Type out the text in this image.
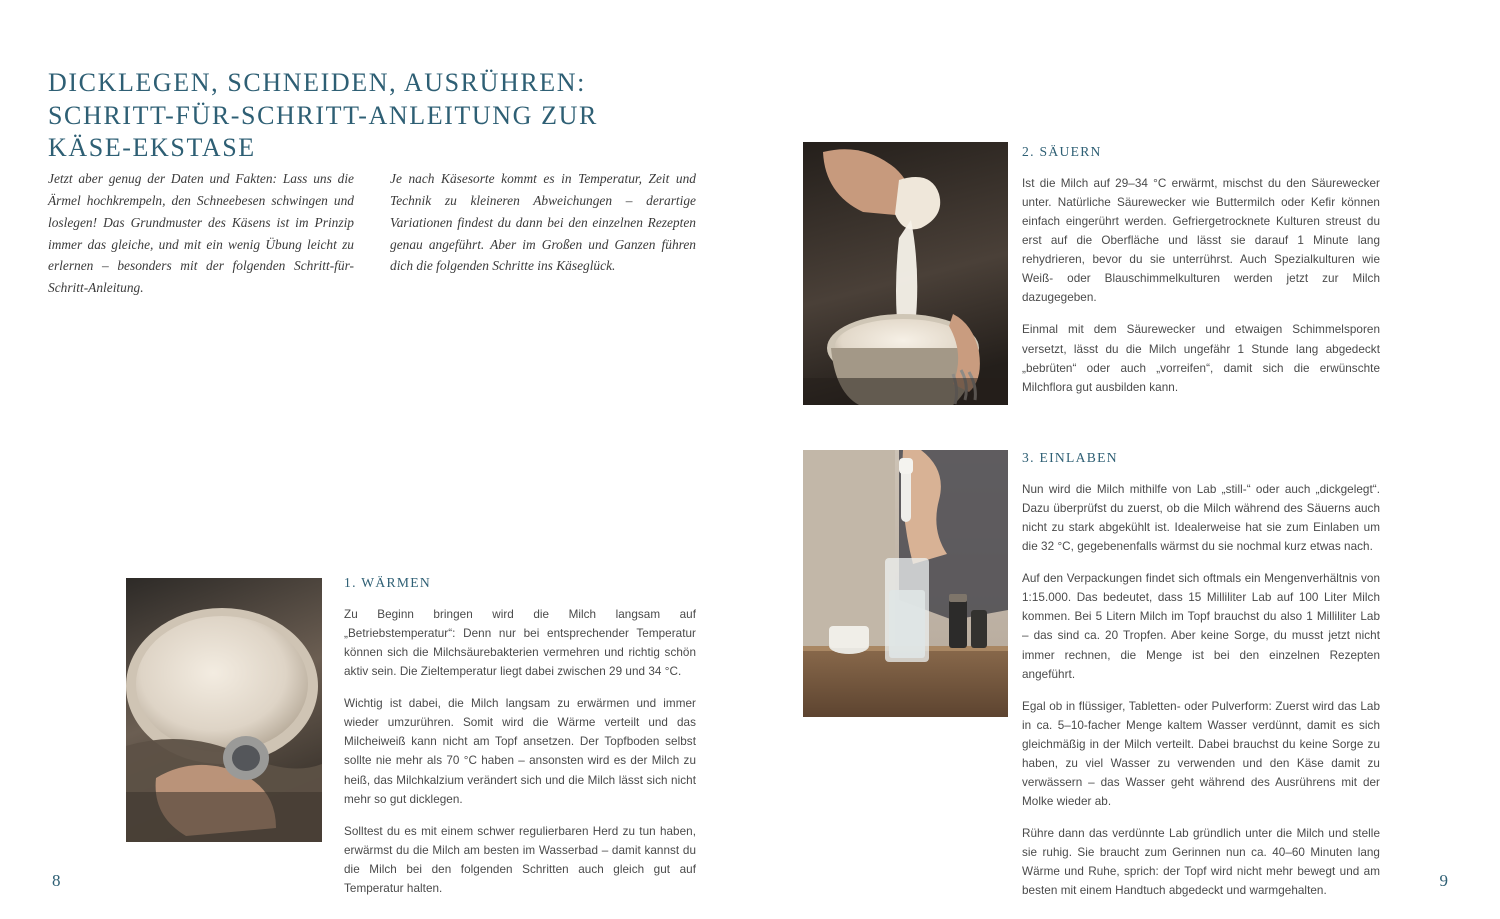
DICKLEGEN, SCHNEIDEN, AUSRÜHREN: SCHRITT-FÜR-SCHRITT-ANLEITUNG ZUR KÄSE-EKSTASE
Jetzt aber genug der Daten und Fakten: Lass uns die Ärmel hochkrempeln, den Schneebesen schwingen und loslegen! Das Grundmuster des Käsens ist im Prinzip immer das gleiche, und mit ein wenig Übung leicht zu erlernen – besonders mit der folgenden Schritt-für-Schritt-Anleitung.
Je nach Käsesorte kommt es in Temperatur, Zeit und Technik zu kleineren Abweichungen – derartige Variationen findest du dann bei den einzelnen Rezepten genau angeführt. Aber im Großen und Ganzen führen dich die folgenden Schritte ins Käseglück.
1. WÄRMEN

Zu Beginn bringen wird die Milch langsam auf „Betriebstemperatur“: Denn nur bei entsprechender Temperatur können sich die Milchsäurebakterien vermehren und richtig schön aktiv sein. Die Zieltemperatur liegt dabei zwischen 29 und 34 °C.

Wichtig ist dabei, die Milch langsam zu erwärmen und immer wieder umzurühren. Somit wird die Wärme verteilt und das Milcheiweiß kann nicht am Topf ansetzen. Der Topfboden selbst sollte nie mehr als 70 °C haben – ansonsten wird es der Milch zu heiß, das Milchkalzium verändert sich und die Milch lässt sich nicht mehr so gut dicklegen.

Solltest du es mit einem schwer regulierbaren Herd zu tun haben, erwärmst du die Milch am besten im Wasserbad – damit kannst du die Milch bei den folgenden Schritten auch gleich gut auf Temperatur halten.

8
2. SÄUERN

Ist die Milch auf 29–34 °C erwärmt, mischst du den Säurewecker unter. Natürliche Säurewecker wie Buttermilch oder Kefir können einfach eingerührt werden. Gefriergetrocknete Kulturen streust du erst auf die Oberfläche und lässt sie darauf 1 Minute lang rehydrieren, bevor du sie unterrührst. Auch Spezialkulturen wie Weiß- oder Blauschimmelkulturen werden jetzt zur Milch dazugegeben.

Einmal mit dem Säurewecker und etwaigen Schimmelsporen versetzt, lässt du die Milch ungefähr 1 Stunde lang abgedeckt „bebrüten“ oder auch „vorreifen“, damit sich die erwünschte Milchflora gut ausbilden kann.

3. EINLABEN

Nun wird die Milch mithilfe von Lab „still-“ oder auch „dickgelegt“. Dazu überprüfst du zuerst, ob die Milch während des Säuerns auch nicht zu stark abgekühlt ist. Idealerweise hat sie zum Einlaben um die 32 °C, gegebenenfalls wärmst du sie nochmal kurz etwas nach.

Auf den Verpackungen findet sich oftmals ein Mengenverhältnis von 1:15.000. Das bedeutet, dass 15 Milliliter Lab auf 100 Liter Milch kommen. Bei 5 Litern Milch im Topf brauchst du also 1 Milliliter Lab – das sind ca. 20 Tropfen. Aber keine Sorge, du musst jetzt nicht immer rechnen, die Menge ist bei den einzelnen Rezepten angeführt.

Egal ob in flüssiger, Tabletten- oder Pulverform: Zuerst wird das Lab in ca. 5–10-facher Menge kaltem Wasser verdünnt, damit es sich gleichmäßig in der Milch verteilt. Dabei brauchst du keine Sorge zu haben, zu viel Wasser zu verwenden und den Käse damit zu verwässern – das Wasser geht während des Ausrührens mit der Molke wieder ab.

Rühre dann das verdünnte Lab gründlich unter die Milch und stelle sie ruhig. Sie braucht zum Gerinnen nun ca. 40–60 Minuten lang Wärme und Ruhe, sprich: der Topf wird nicht mehr bewegt und am besten mit einem Handtuch abgedeckt und warmgehalten.

9
